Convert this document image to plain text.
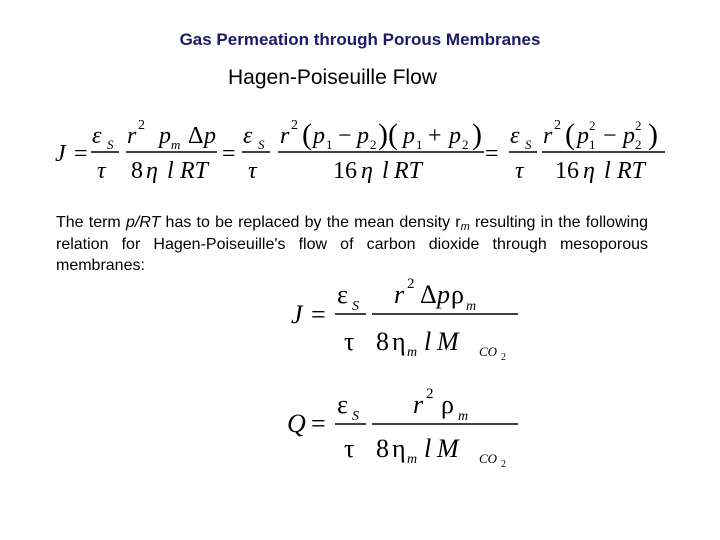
Gas Permeation through Porous Membranes
Hagen-Poiseuille Flow
The term p/RT has to be replaced by the mean density $r_m$ resulting in the following relation for Hagen-Poiseuille's flow of carbon dioxide through mesoporous membranes:
J =
ε S
τ
r 2 p m Δ p
8 η l RT
=
ε S
τ
r 2 ( p 1 − p 2 )( p 1 + p 2 )
16 η l RT
=
ε S
τ
r 2 ( p 2
1 − p 2
2 )
16 η l RT
J =
ε S
τ
r 2 Δ p ρ m
8 η m l M CO 2
Q =
ε S
τ
r 2 ρ m
8 η m l M CO 2
